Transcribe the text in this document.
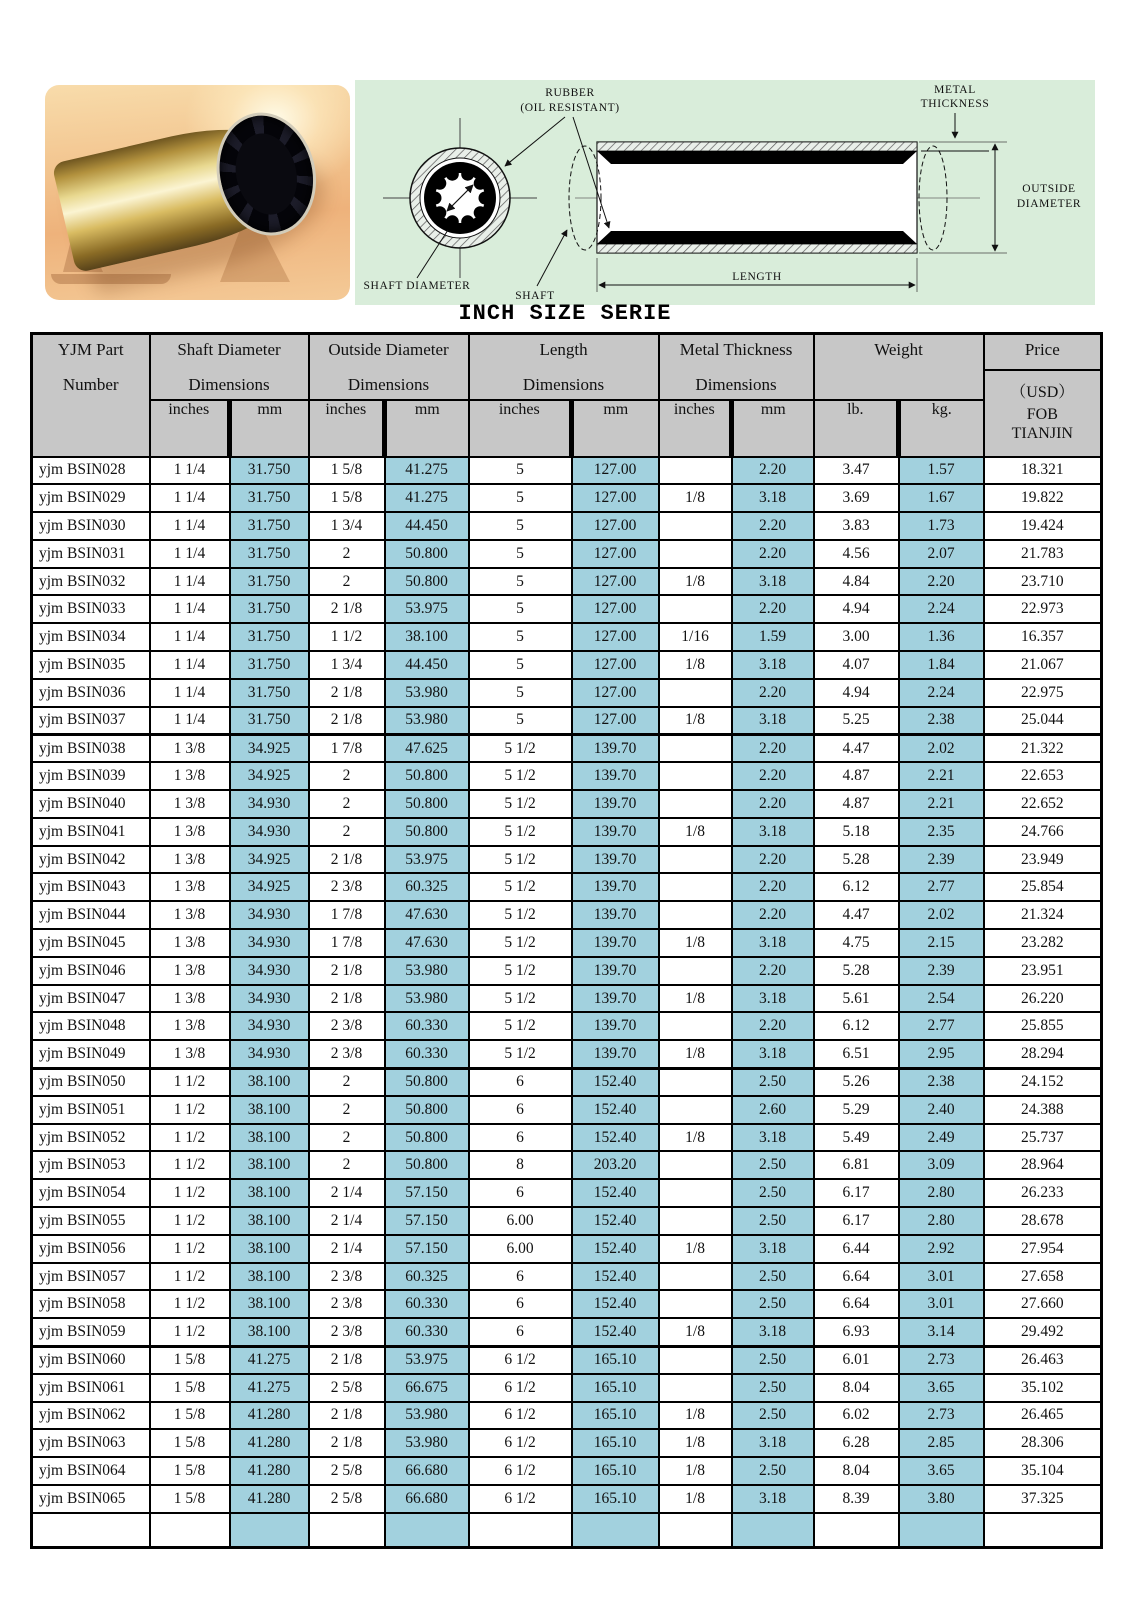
RUBBER
(OIL RESISTANT)
METAL
THICKNESS
OUTSIDE
DIAMETER
LENGTH
SHAFT
SHAFT DIAMETER
INCH SIZE SERIE
YJM Part
Number

Shaft Diameter
Dimensions

Outside Diameter
Dimensions

Length
Dimensions

Metal Thickness
Dimensions

Weight	Price
（USD）
FOB
TIANJIN

	inches	mm	inches	mm	inches	mm	inches	mm	lb.	kg.	
yjm BSIN028	1 1/4	31.750	1 5/8	41.275	5	127.00		2.20	3.47	1.57	18.321
yjm BSIN029	1 1/4	31.750	1 5/8	41.275	5	127.00	1/8	3.18	3.69	1.67	19.822
yjm BSIN030	1 1/4	31.750	1 3/4	44.450	5	127.00		2.20	3.83	1.73	19.424
yjm BSIN031	1 1/4	31.750	2	50.800	5	127.00		2.20	4.56	2.07	21.783
yjm BSIN032	1 1/4	31.750	2	50.800	5	127.00	1/8	3.18	4.84	2.20	23.710
yjm BSIN033	1 1/4	31.750	2 1/8	53.975	5	127.00		2.20	4.94	2.24	22.973
yjm BSIN034	1 1/4	31.750	1 1/2	38.100	5	127.00	1/16	1.59	3.00	1.36	16.357
yjm BSIN035	1 1/4	31.750	1 3/4	44.450	5	127.00	1/8	3.18	4.07	1.84	21.067
yjm BSIN036	1 1/4	31.750	2 1/8	53.980	5	127.00		2.20	4.94	2.24	22.975
yjm BSIN037	1 1/4	31.750	2 1/8	53.980	5	127.00	1/8	3.18	5.25	2.38	25.044
yjm BSIN038	1 3/8	34.925	1 7/8	47.625	5 1/2	139.70		2.20	4.47	2.02	21.322
yjm BSIN039	1 3/8	34.925	2	50.800	5 1/2	139.70		2.20	4.87	2.21	22.653
yjm BSIN040	1 3/8	34.930	2	50.800	5 1/2	139.70		2.20	4.87	2.21	22.652
yjm BSIN041	1 3/8	34.930	2	50.800	5 1/2	139.70	1/8	3.18	5.18	2.35	24.766
yjm BSIN042	1 3/8	34.925	2 1/8	53.975	5 1/2	139.70		2.20	5.28	2.39	23.949
yjm BSIN043	1 3/8	34.925	2 3/8	60.325	5 1/2	139.70		2.20	6.12	2.77	25.854
yjm BSIN044	1 3/8	34.930	1 7/8	47.630	5 1/2	139.70		2.20	4.47	2.02	21.324
yjm BSIN045	1 3/8	34.930	1 7/8	47.630	5 1/2	139.70	1/8	3.18	4.75	2.15	23.282
yjm BSIN046	1 3/8	34.930	2 1/8	53.980	5 1/2	139.70		2.20	5.28	2.39	23.951
yjm BSIN047	1 3/8	34.930	2 1/8	53.980	5 1/2	139.70	1/8	3.18	5.61	2.54	26.220
yjm BSIN048	1 3/8	34.930	2 3/8	60.330	5 1/2	139.70		2.20	6.12	2.77	25.855
yjm BSIN049	1 3/8	34.930	2 3/8	60.330	5 1/2	139.70	1/8	3.18	6.51	2.95	28.294
yjm BSIN050	1 1/2	38.100	2	50.800	6	152.40		2.50	5.26	2.38	24.152
yjm BSIN051	1 1/2	38.100	2	50.800	6	152.40		2.60	5.29	2.40	24.388
yjm BSIN052	1 1/2	38.100	2	50.800	6	152.40	1/8	3.18	5.49	2.49	25.737
yjm BSIN053	1 1/2	38.100	2	50.800	8	203.20		2.50	6.81	3.09	28.964
yjm BSIN054	1 1/2	38.100	2 1/4	57.150	6	152.40		2.50	6.17	2.80	26.233
yjm BSIN055	1 1/2	38.100	2 1/4	57.150	6.00	152.40		2.50	6.17	2.80	28.678
yjm BSIN056	1 1/2	38.100	2 1/4	57.150	6.00	152.40	1/8	3.18	6.44	2.92	27.954
yjm BSIN057	1 1/2	38.100	2 3/8	60.325	6	152.40		2.50	6.64	3.01	27.658
yjm BSIN058	1 1/2	38.100	2 3/8	60.330	6	152.40		2.50	6.64	3.01	27.660
yjm BSIN059	1 1/2	38.100	2 3/8	60.330	6	152.40	1/8	3.18	6.93	3.14	29.492
yjm BSIN060	1 5/8	41.275	2 1/8	53.975	6 1/2	165.10		2.50	6.01	2.73	26.463
yjm BSIN061	1 5/8	41.275	2 5/8	66.675	6 1/2	165.10		2.50	8.04	3.65	35.102
yjm BSIN062	1 5/8	41.280	2 1/8	53.980	6 1/2	165.10	1/8	2.50	6.02	2.73	26.465
yjm BSIN063	1 5/8	41.280	2 1/8	53.980	6 1/2	165.10	1/8	3.18	6.28	2.85	28.306
yjm BSIN064	1 5/8	41.280	2 5/8	66.680	6 1/2	165.10	1/8	2.50	8.04	3.65	35.104
yjm BSIN065	1 5/8	41.280	2 5/8	66.680	6 1/2	165.10	1/8	3.18	8.39	3.80	37.325
